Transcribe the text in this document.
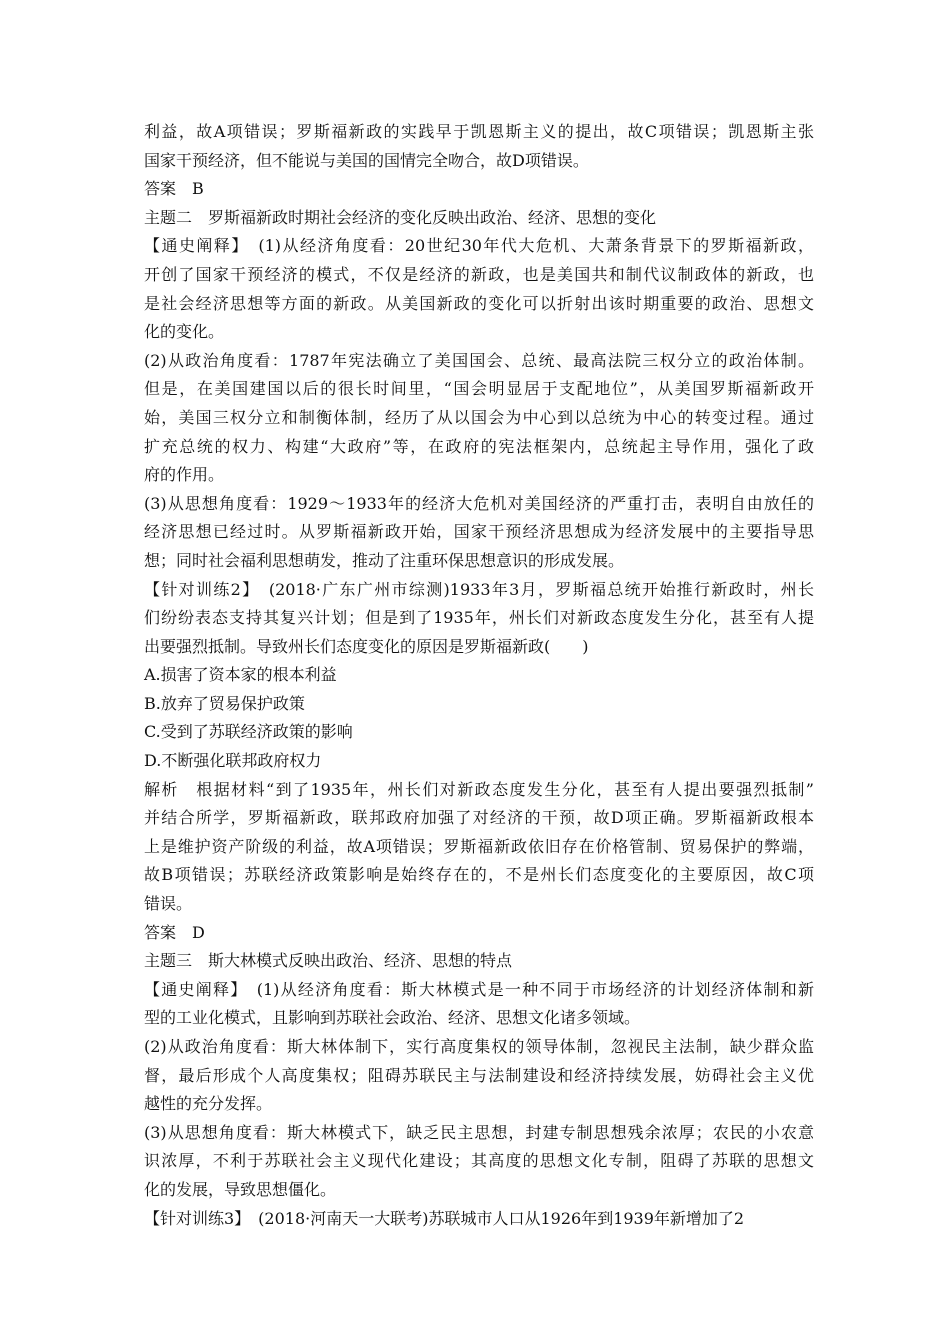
利益，故A项错误；罗斯福新政的实践早于凯恩斯主义的提出，故C项错误；凯恩斯主张
国家干预经济，但不能说与美国的国情完全吻合，故D项错误。
答案　B
主题二　罗斯福新政时期社会经济的变化反映出政治、经济、思想的变化
【通史阐释】　(1)从经济角度看：20世纪30年代大危机、大萧条背景下的罗斯福新政，
开创了国家干预经济的模式，不仅是经济的新政，也是美国共和制代议制政体的新政，也
是社会经济思想等方面的新政。从美国新政的变化可以折射出该时期重要的政治、思想文
化的变化。
(2)从政治角度看：1787年宪法确立了美国国会、总统、最高法院三权分立的政治体制。
但是，在美国建国以后的很长时间里，“国会明显居于支配地位”，从美国罗斯福新政开
始，美国三权分立和制衡体制，经历了从以国会为中心到以总统为中心的转变过程。通过
扩充总统的权力、构建“大政府”等，在政府的宪法框架内，总统起主导作用，强化了政
府的作用。
(3)从思想角度看：1929～1933年的经济大危机对美国经济的严重打击，表明自由放任的
经济思想已经过时。从罗斯福新政开始，国家干预经济思想成为经济发展中的主要指导思
想；同时社会福利思想萌发，推动了注重环保思想意识的形成发展。
【针对训练2】　(2018·广东广州市综测)1933年3月，罗斯福总统开始推行新政时，州长
们纷纷表态支持其复兴计划；但是到了1935年，州长们对新政态度发生分化，甚至有人提
出要强烈抵制。导致州长们态度变化的原因是罗斯福新政(　　)
A.损害了资本家的根本利益
B.放弃了贸易保护政策
C.受到了苏联经济政策的影响
D.不断强化联邦政府权力
解析　根据材料“到了1935年，州长们对新政态度发生分化，甚至有人提出要强烈抵制”
并结合所学，罗斯福新政，联邦政府加强了对经济的干预，故D项正确。罗斯福新政根本
上是维护资产阶级的利益，故A项错误；罗斯福新政依旧存在价格管制、贸易保护的弊端，
故B项错误；苏联经济政策影响是始终存在的，不是州长们态度变化的主要原因，故C项
错误。
答案　D
主题三　斯大林模式反映出政治、经济、思想的特点
【通史阐释】　(1)从经济角度看：斯大林模式是一种不同于市场经济的计划经济体制和新
型的工业化模式，且影响到苏联社会政治、经济、思想文化诸多领域。
(2)从政治角度看：斯大林体制下，实行高度集权的领导体制，忽视民主法制，缺少群众监
督，最后形成个人高度集权；阻碍苏联民主与法制建设和经济持续发展，妨碍社会主义优
越性的充分发挥。
(3)从思想角度看：斯大林模式下，缺乏民主思想，封建专制思想残余浓厚；农民的小农意
识浓厚，不利于苏联社会主义现代化建设；其高度的思想文化专制，阻碍了苏联的思想文
化的发展，导致思想僵化。
【针对训练3】　(2018·河南天一大联考)苏联城市人口从1926年到1939年新增加了2
